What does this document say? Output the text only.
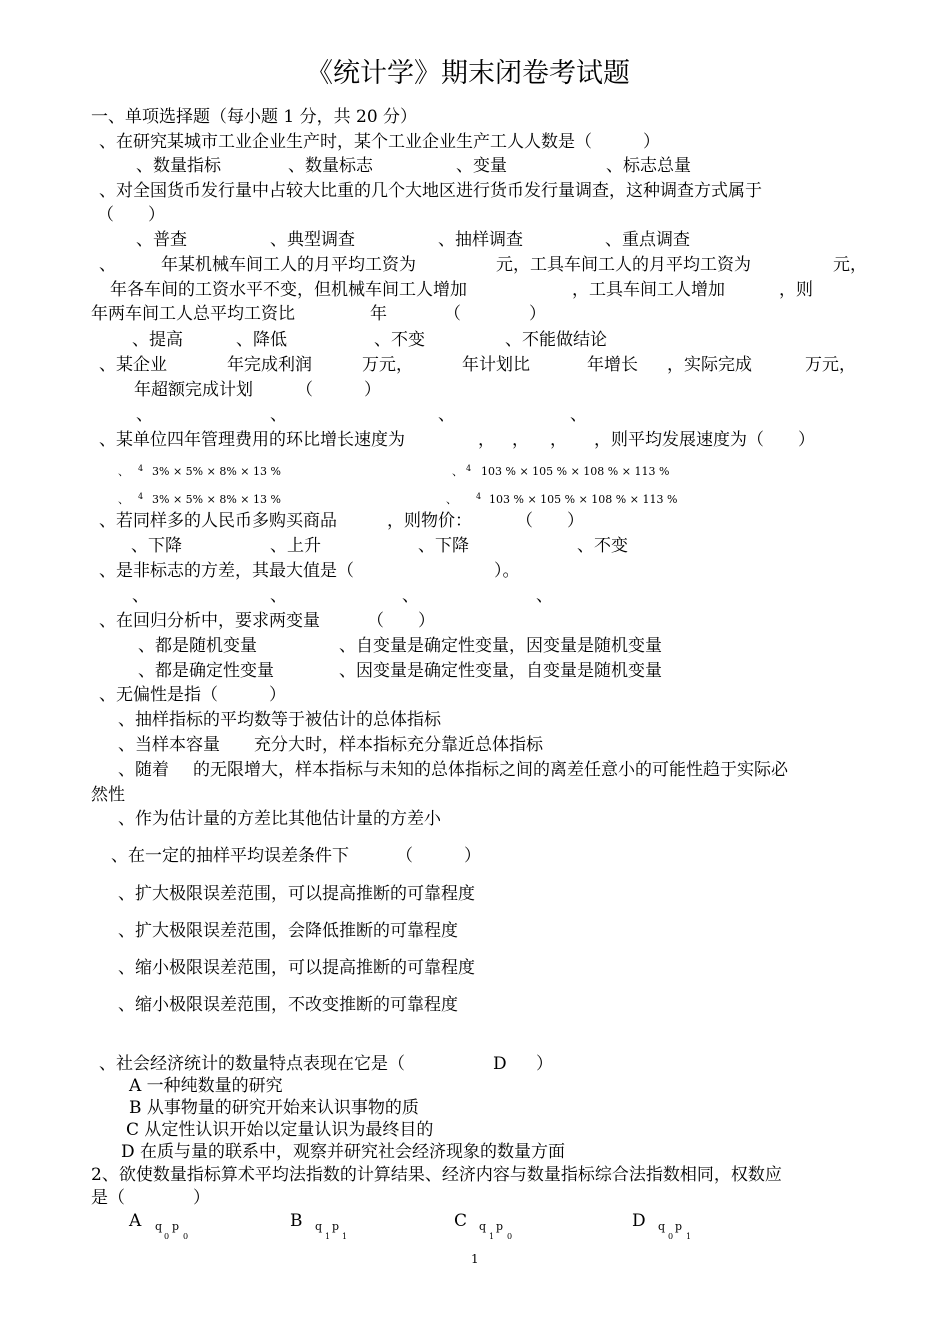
《统计学》期末闭卷考试题
一、单项选择题（每小题 1 分，共 20 分）
、在研究某城市工业企业生产时，某个工业企业生产工人人数是（　　　）
、数量指标	、数量标志	、变量	、标志总量
、对全国货币发行量中占较大比重的几个大地区进行货币发行量调查，这种调查方式属于
（　　）
、普查	、典型调查	、抽样调查	、重点调查
、	年某机械车间工人的月平均工资为	元，工具车间工人的月平均工资为	元，
年各车间的工资水平不变，但机械车间工人增加	，工具车间工人增加	，则
年两车间工人总平均工资比	年	（　　　　）
、提高	、降低	、不变	、不能做结论
、某企业	年完成利润	万元，	年计划比	年增长 ，实际完成	万元，
年超额完成计划	（　　　）
、	、	、	、
、某单位四年管理费用的环比增长速度为	， ， ， ，则平均发展速度为（　　）
、 4 3% × 5% × 8% × 13 %	、 4 103 % × 105 % × 108 % × 113 %
、 4 3% × 5% × 8% × 13 %	、 4 103 % × 105 % × 108 % × 113 %
、若同样多的人民币多购买商品	，则物价：	（　　）
、下降	、上升	、下降	、不变
、是非标志的方差，其最大值是（	）。
、	、	、	、
、在回归分析中，要求两变量	（　　）
、都是随机变量	、自变量是确定性变量，因变量是随机变量
、都是确定性变量	、因变量是确定性变量，自变量是随机变量
、无偏性是指（　　　）
、抽样指标的平均数等于被估计的总体指标
、当样本容量 充分大时，样本指标充分靠近总体指标
、随着 的无限增大，样本指标与未知的总体指标之间的离差任意小的可能性趋于实际必
然性
、作为估计量的方差比其他估计量的方差小
、在一定的抽样平均误差条件下	（　　　）
、扩大极限误差范围，可以提高推断的可靠程度
、扩大极限误差范围，会降低推断的可靠程度
、缩小极限误差范围，可以提高推断的可靠程度
、缩小极限误差范围，不改变推断的可靠程度
、社会经济统计的数量特点表现在它是（	D ）
A 一种纯数量的研究
B 从事物量的研究开始来认识事物的质
C 从定性认识开始以定量认识为最终目的
D 在质与量的联系中，观察并研究社会经济现象的数量方面
2、欲使数量指标算术平均法指数的计算结果、经济内容与数量指标综合法指数相同，权数应
是（　　　　）
A q
0
p
0
B q
1
p
1
C q
1
p
0
D q
0
p
1
1
